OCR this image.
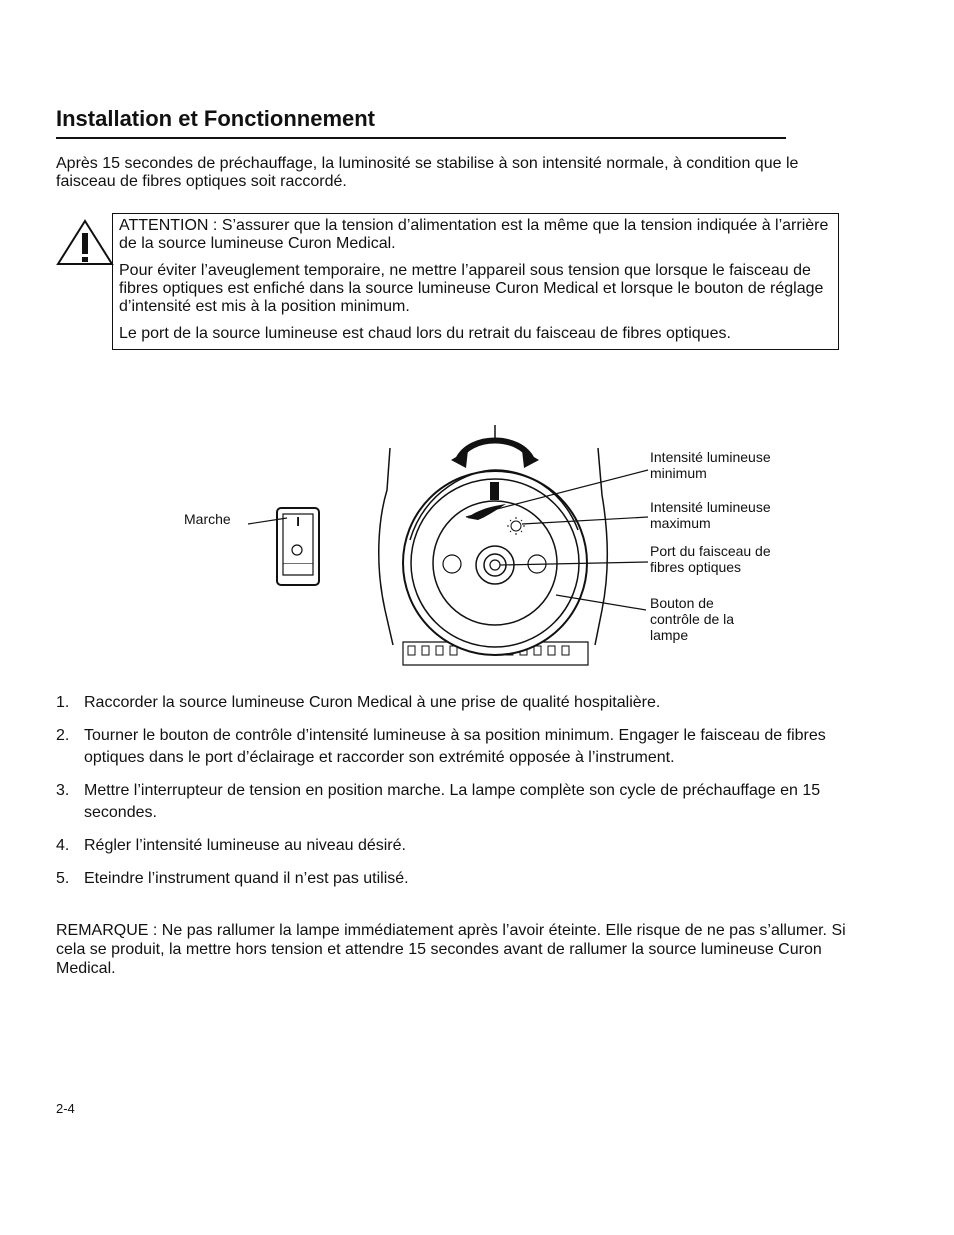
Installation et Fonctionnement

Après 15 secondes de préchauffage, la luminosité se stabilise à son intensité normale, à condition que le faisceau de fibres optiques soit raccordé.

ATTENTION : S’assurer que la tension d’alimentation est la même que la tension indiquée à l’arrière de la source lumineuse Curon Medical.

Pour éviter l’aveuglement temporaire, ne mettre l’appareil sous tension que lorsque le faisceau de fibres optiques est enfiché dans la source lumineuse Curon Medical et lorsque le bouton de réglage d’intensité est mis à la position minimum.

Le port de la source lumineuse est chaud lors du retrait du faisceau de fibres optiques.

I
Marche
Intensité lumineuse minimum
Intensité lumineuse maximum
Port du faisceau de fibres optiques
Bouton de contrôle de la lampe
1. Raccorder la source lumineuse Curon Medical à une prise de qualité hospitalière.
2. Tourner le bouton de contrôle d’intensité lumineuse à sa position minimum. Engager le faisceau de fibres optiques dans le port d’éclairage et raccorder son extrémité opposée à l’instrument.
3. Mettre l’interrupteur de tension en position marche. La lampe complète son cycle de préchauffage en 15 secondes.
4. Régler l’intensité lumineuse au niveau désiré.
5. Eteindre l’instrument quand il n’est pas utilisé.

REMARQUE : Ne pas rallumer la lampe immédiatement après l’avoir éteinte. Elle risque de ne pas s’allumer. Si cela se produit, la mettre hors tension et attendre 15 secondes avant de rallumer la source lumineuse Curon Medical.

2-4
